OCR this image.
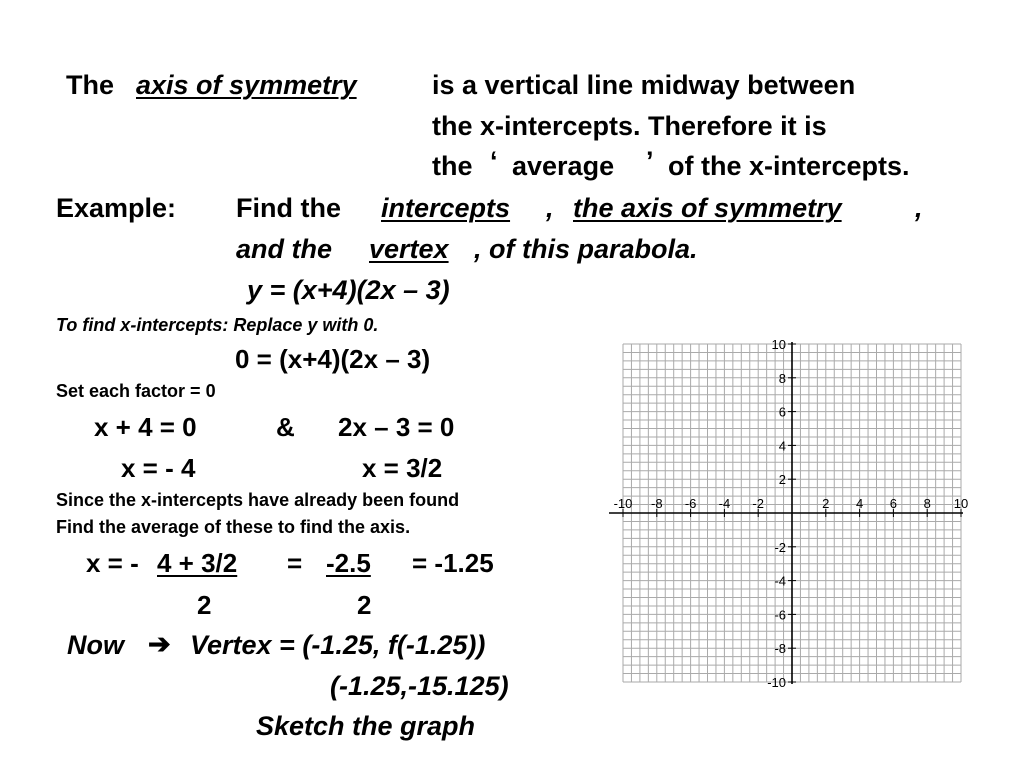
The axis of symmetry	is a vertical line midway between
the x-intercepts. Therefore it is
the ‘ average ’ of the x-intercepts.
Example: Find the intercepts , the axis of symmetry	,
and the vertex , of this parabola.
y = (x+4)(2x – 3)
To find x-intercepts: Replace y with 0.
0 = (x+4)(2x – 3)
Set each factor = 0
x + 4 = 0	& 2x – 3 = 0
x = - 4	x = 3/2
Since the x-intercepts have already been found
Find the average of these to find the axis.
x = - 4 + 3/2 = -2.5 = -1.25
2	2
Now ➔ Vertex = (-1.25, f(-1.25))
(-1.25,-15.125)
Sketch the graph
-10 -8 -6 -4 -2	2 4 6 8 10
10
8
6
4
2
-2
-4
-6
-8
-10
